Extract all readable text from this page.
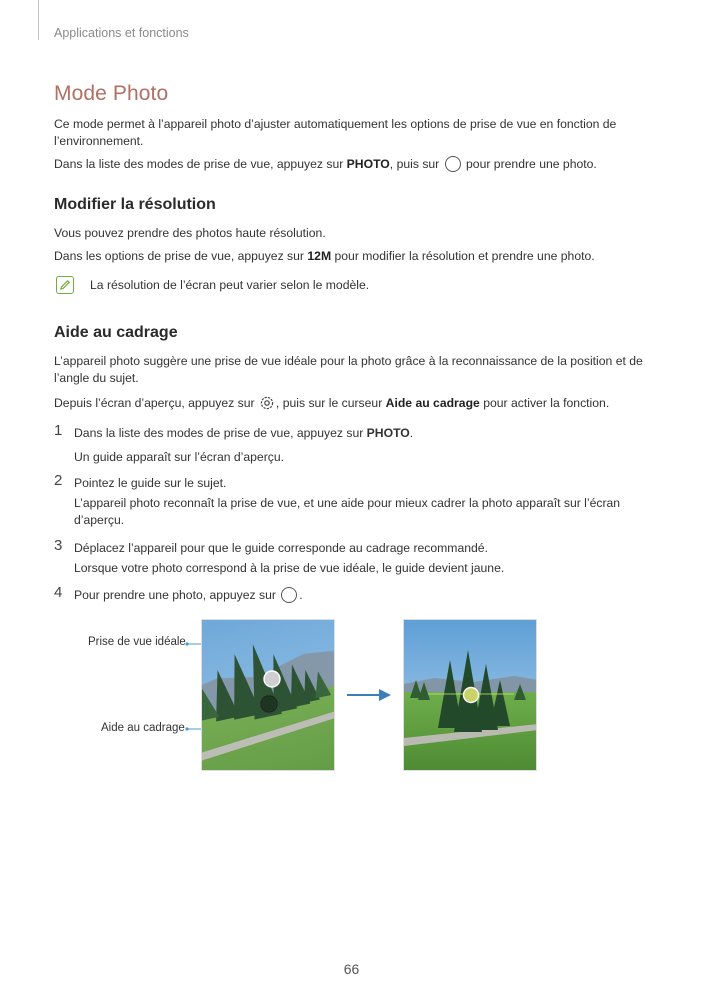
Applications et fonctions
Mode Photo
Ce mode permet à l’appareil photo d’ajuster automatiquement les options de prise de vue en fonction de l’environnement.
Dans la liste des modes de prise de vue, appuyez sur PHOTO, puis sur  pour prendre une photo.
Modifier la résolution
Vous pouvez prendre des photos haute résolution.
Dans les options de prise de vue, appuyez sur 12M pour modifier la résolution et prendre une photo.
La résolution de l’écran peut varier selon le modèle.
Aide au cadrage
L’appareil photo suggère une prise de vue idéale pour la photo grâce à la reconnaissance de la position et de l’angle du sujet.
Depuis l’écran d’aperçu, appuyez sur , puis sur le curseur Aide au cadrage pour activer la fonction.
1 Dans la liste des modes de prise de vue, appuyez sur PHOTO.
Un guide apparaît sur l’écran d’aperçu.
2 Pointez le guide sur le sujet.
L’appareil photo reconnaît la prise de vue, et une aide pour mieux cadrer la photo apparaît sur l’écran d’aperçu.
3 Déplacez l’appareil pour que le guide corresponde au cadrage recommandé.
Lorsque votre photo correspond à la prise de vue idéale, le guide devient jaune.
4 Pour prendre une photo, appuyez sur .
Prise de vue idéale
Aide au cadrage
66
